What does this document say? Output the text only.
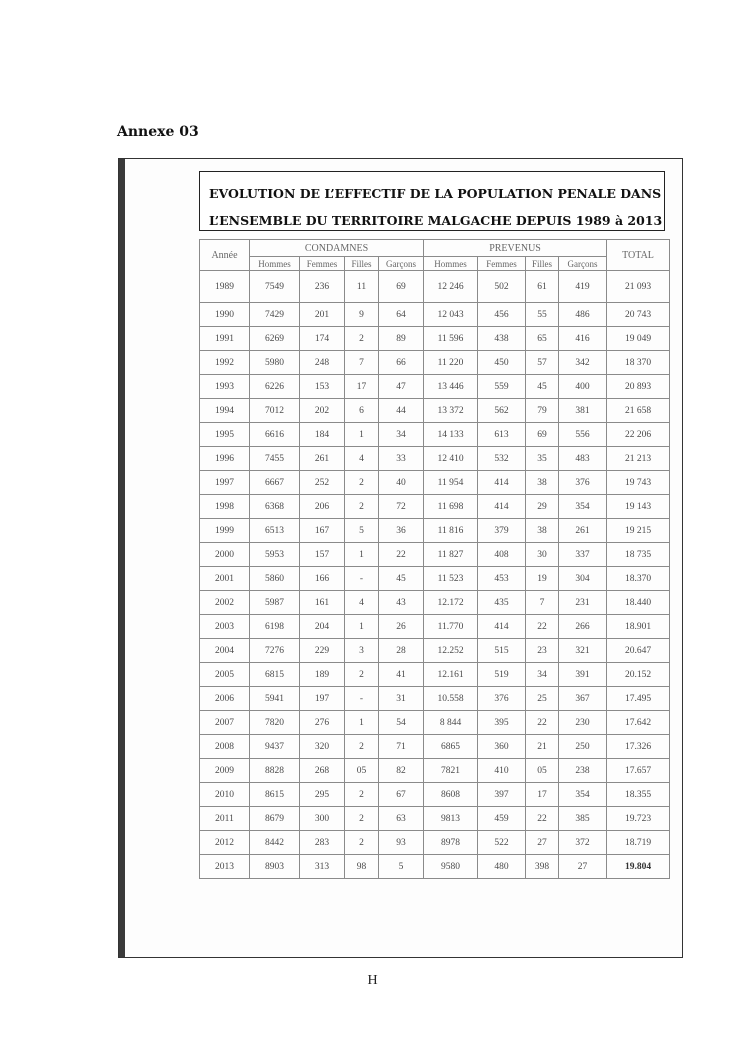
Annexe 03
EVOLUTION DE L’EFFECTIF DE LA POPULATION PENALE DANS
L’ENSEMBLE DU TERRITOIRE MALGACHE DEPUIS 1989 à 2013
Année	CONDAMNES				PREVENUS				TOTAL
	Hommes	Femmes	Filles	Garçons	Hommes	Femmes	Filles	Garçons	
1989	7549	236	11	69	12 246	502	61	419	21 093
1990	7429	201	9	64	12 043	456	55	486	20 743
1991	6269	174	2	89	11 596	438	65	416	19 049
1992	5980	248	7	66	11 220	450	57	342	18 370
1993	6226	153	17	47	13 446	559	45	400	20 893
1994	7012	202	6	44	13 372	562	79	381	21 658
1995	6616	184	1	34	14 133	613	69	556	22 206
1996	7455	261	4	33	12 410	532	35	483	21 213
1997	6667	252	2	40	11 954	414	38	376	19 743
1998	6368	206	2	72	11 698	414	29	354	19 143
1999	6513	167	5	36	11 816	379	38	261	19 215
2000	5953	157	1	22	11 827	408	30	337	18 735
2001	5860	166	-	45	11 523	453	19	304	18.370
2002	5987	161	4	43	12.172	435	7	231	18.440
2003	6198	204	1	26	11.770	414	22	266	18.901
2004	7276	229	3	28	12.252	515	23	321	20.647
2005	6815	189	2	41	12.161	519	34	391	20.152
2006	5941	197	-	31	10.558	376	25	367	17.495
2007	7820	276	1	54	8 844	395	22	230	17.642
2008	9437	320	2	71	6865	360	21	250	17.326
2009	8828	268	05	82	7821	410	05	238	17.657
2010	8615	295	2	67	8608	397	17	354	18.355
2011	8679	300	2	63	9813	459	22	385	19.723
2012	8442	283	2	93	8978	522	27	372	18.719
2013	8903	313	98	5	9580	480	398	27	19.804
H
